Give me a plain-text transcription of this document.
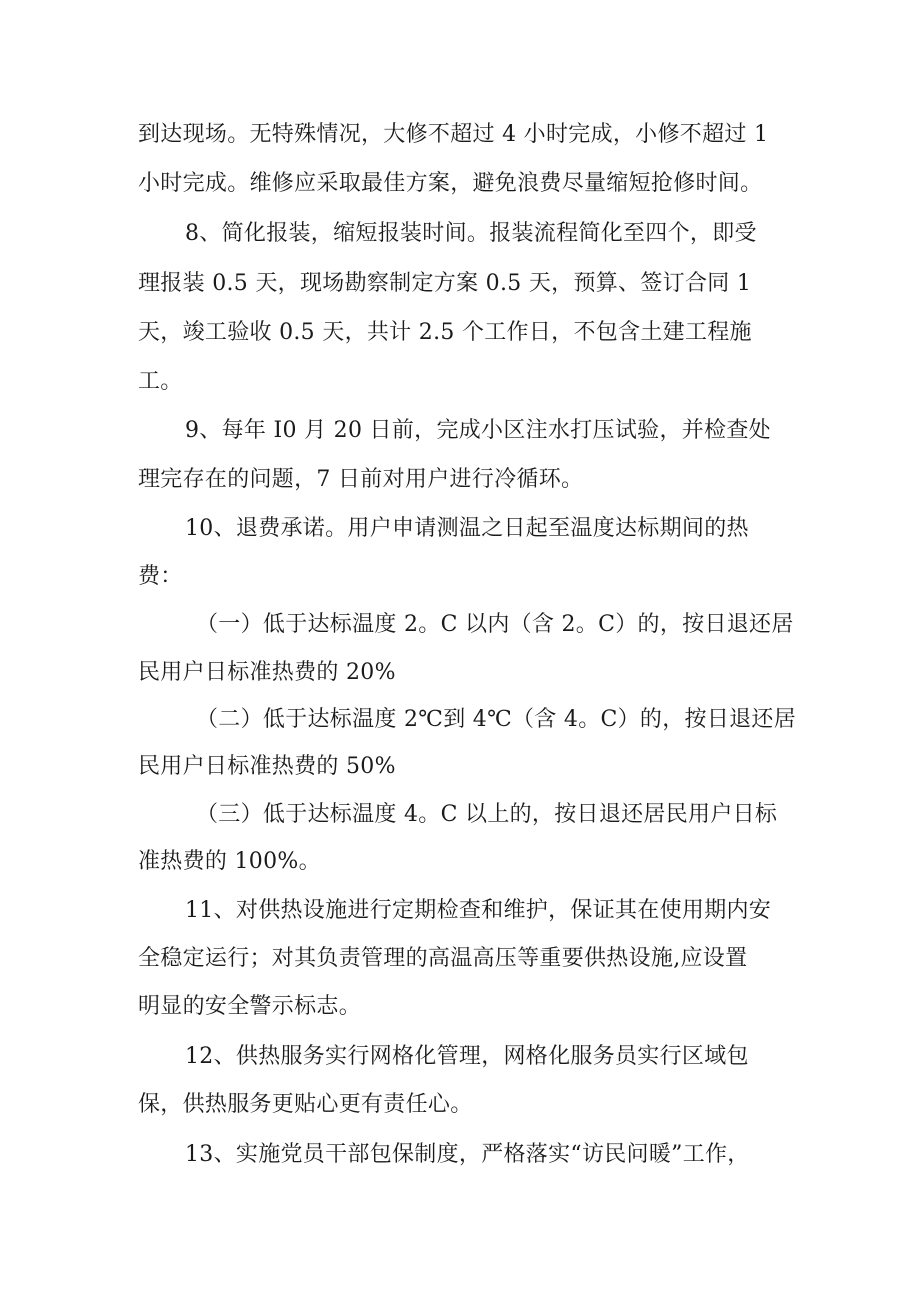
到达现场。无特殊情况，大修不超过 4 小时完成，小修不超过 1
小时完成。维修应采取最佳方案，避免浪费尽量缩短抢修时间。
8、简化报装，缩短报装时间。报装流程简化至四个，即受
理报装 0.5 天，现场勘察制定方案 0.5 天，预算、签订合同 1
天，竣工验收 0.5 天，共计 2.5 个工作日，不包含土建工程施
工。
9、每年 I0 月 20 日前，完成小区注水打压试验，并检查处
理完存在的问题，7 日前对用户进行冷循环。
10、退费承诺。用户申请测温之日起至温度达标期间的热
费：
（一）低于达标温度 2。C 以内（含 2。C）的，按日退还居
民用户日标准热费的 20%
（二）低于达标温度 2℃到 4℃（含 4。C）的，按日退还居
民用户日标准热费的 50%
（三）低于达标温度 4。C 以上的，按日退还居民用户日标
准热费的 100%。
11、对供热设施进行定期检查和维护，保证其在使用期内安
全稳定运行；对其负责管理的高温高压等重要供热设施,应设置
明显的安全警示标志。
12、供热服务实行网格化管理，网格化服务员实行区域包
保，供热服务更贴心更有责任心。
13、实施党员干部包保制度，严格落实“访民问暖”工作，
